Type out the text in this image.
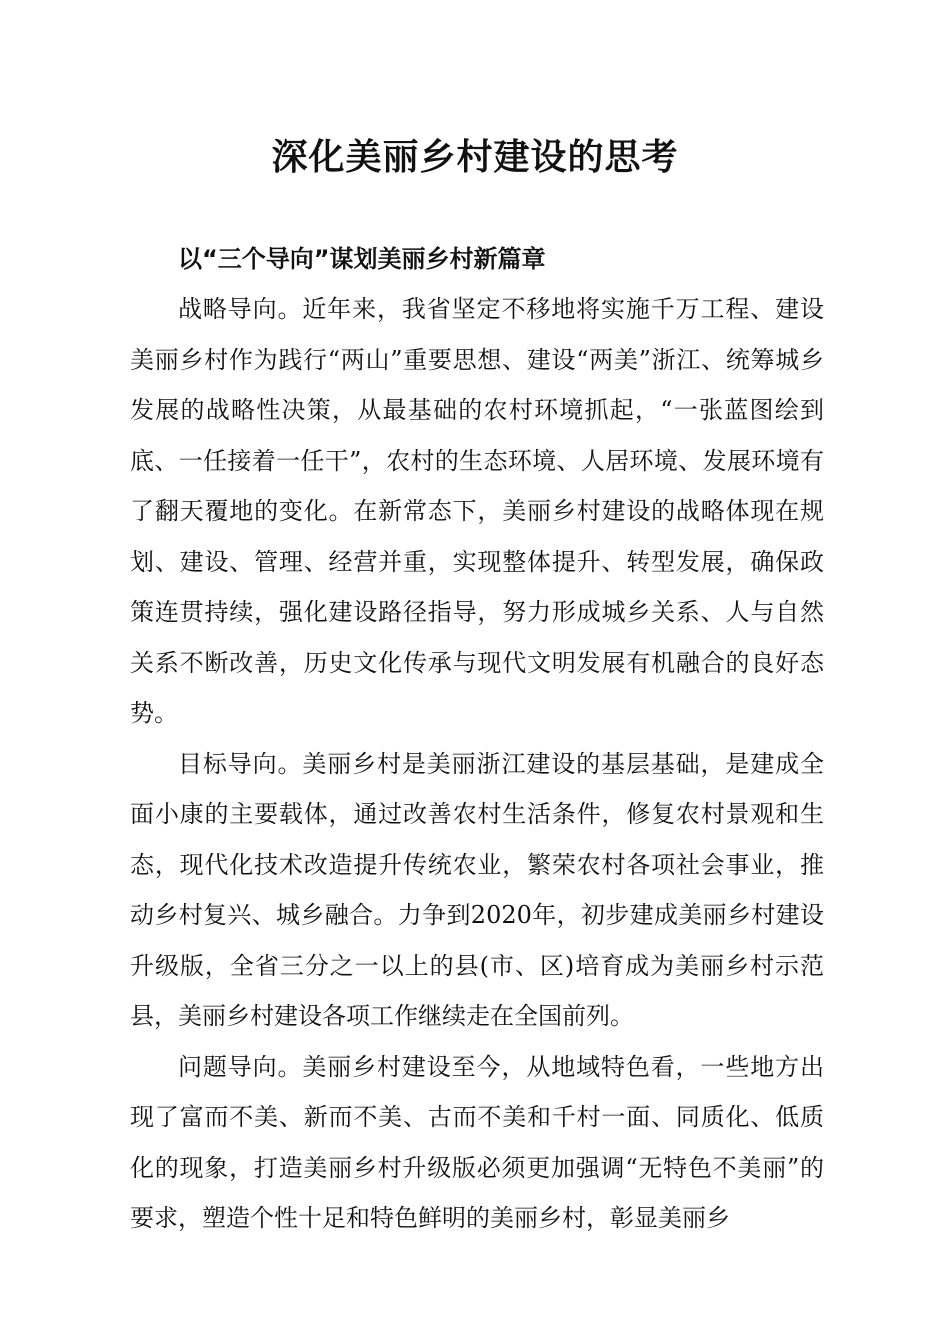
深化美丽乡村建设的思考
以“三个导向”谋划美丽乡村新篇章

战略导向。近年来，我省坚定不移地将实施千万工程、建设美丽乡村作为践行“两山”重要思想、建设“两美”浙江、统筹城乡发展的战略性决策，从最基础的农村环境抓起，“一张蓝图绘到底、一任接着一任干”，农村的生态环境、人居环境、发展环境有了翻天覆地的变化。在新常态下，美丽乡村建设的战略体现在规划、建设、管理、经营并重，实现整体提升、转型发展，确保政策连贯持续，强化建设路径指导，努力形成城乡关系、人与自然关系不断改善，历史文化传承与现代文明发展有机融合的良好态势。

目标导向。美丽乡村是美丽浙江建设的基层基础，是建成全面小康的主要载体，通过改善农村生活条件，修复农村景观和生态，现代化技术改造提升传统农业，繁荣农村各项社会事业，推动乡村复兴、城乡融合。力争到2020年，初步建成美丽乡村建设升级版，全省三分之一以上的县(市、区)培育成为美丽乡村示范县，美丽乡村建设各项工作继续走在全国前列。

问题导向。美丽乡村建设至今，从地域特色看，一些地方出现了富而不美、新而不美、古而不美和千村一面、同质化、低质化的现象，打造美丽乡村升级版必须更加强调“无特色不美丽”的要求，塑造个性十足和特色鲜明的美丽乡村，彰显美丽乡
